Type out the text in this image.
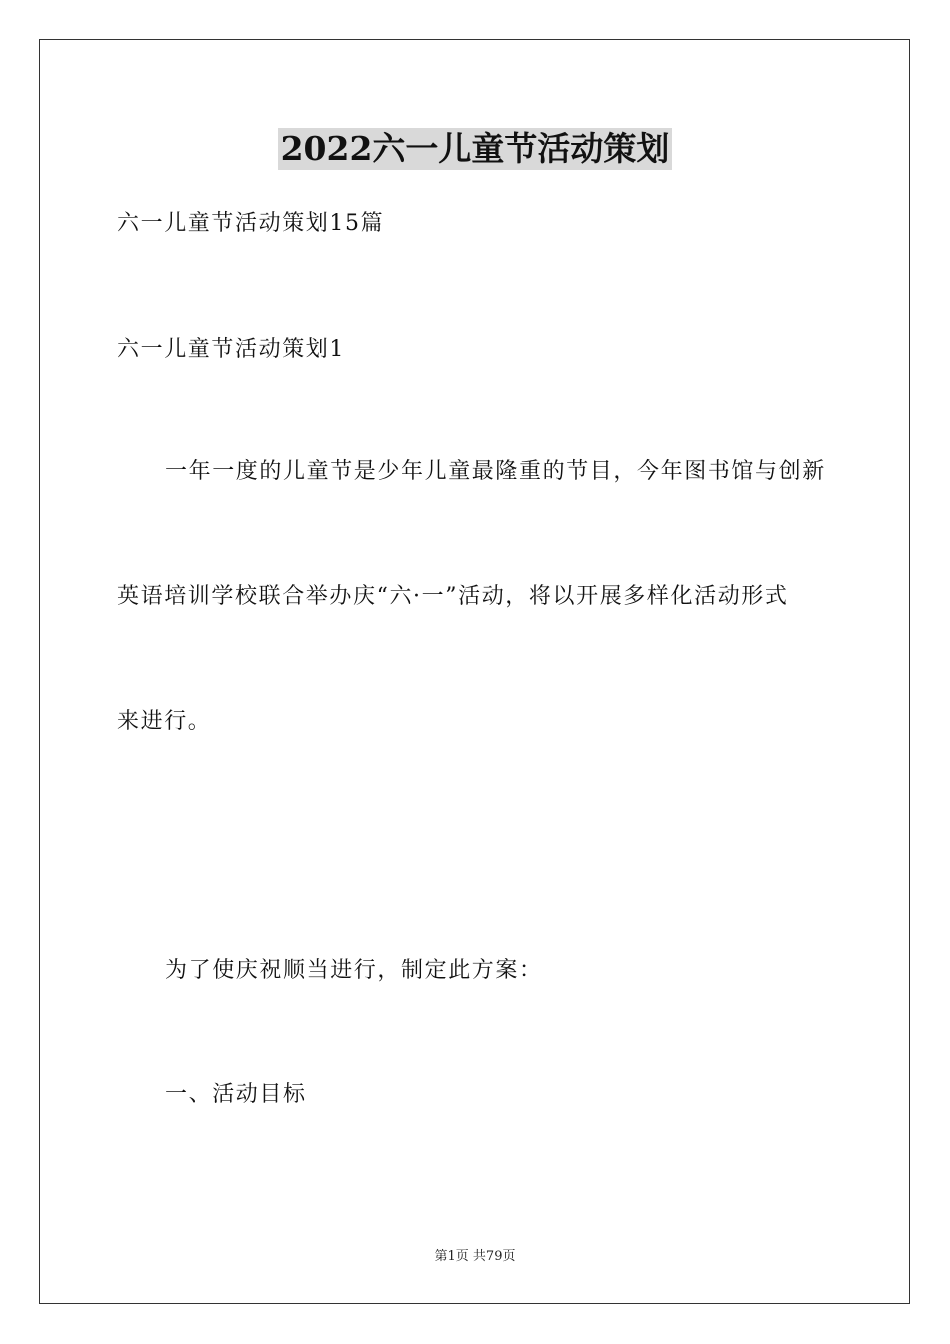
2022六一儿童节活动策划

六一儿童节活动策划15篇

六一儿童节活动策划1

一年一度的儿童节是少年儿童最隆重的节目，今年图书馆与创新

英语培训学校联合举办庆“六·一”活动，将以开展多样化活动形式

来进行。

为了使庆祝顺当进行，制定此方案：

一、活动目标

第1页 共79页
